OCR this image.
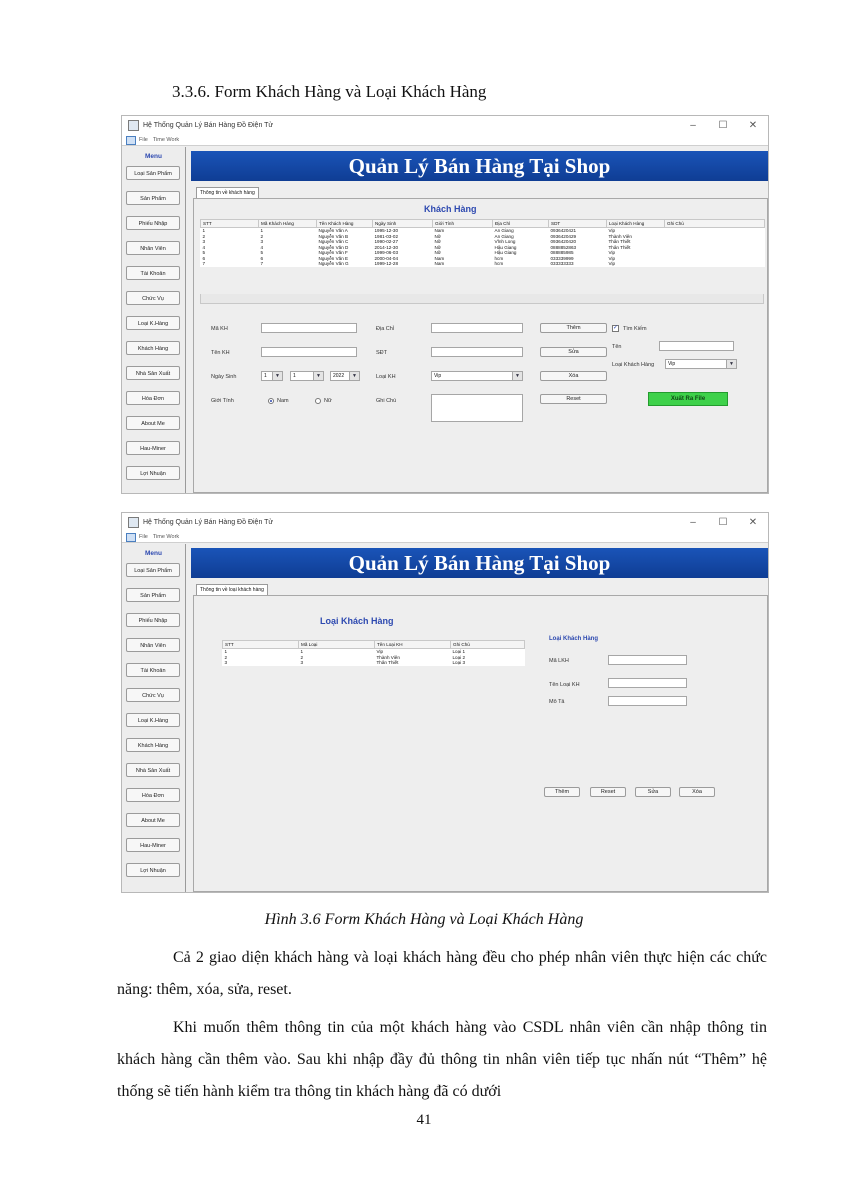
3.3.6. Form Khách Hàng và Loại Khách Hàng
Hệ Thống Quản Lý Bán Hàng Đồ Điện Tử	–	☐	✕
File Time Work
Menu
Loại Sản Phẩm
Sản Phẩm
Phiếu Nhập
Nhân Viên
Tài Khoản
Chức Vụ
Loại K.Hàng
Khách Hàng
Nhà Sản Xuất
Hóa Đơn
About Me
Hau-Miner
Lợi Nhuận
Quản Lý Bán Hàng Tại Shop
Thông tin về khách hàng
Khách Hàng
STT	Mã Khách Hàng	Tên Khách Hàng	Ngày Sinh	Giới Tính	Địa Chỉ	SDT	Loại Khách Hàng	Ghi Chú
1	1	Nguyễn Văn A	1995-12-30	Nam	An Giang	0936420421	Vip	
2	2	Nguyễn Văn B	1981-03-02	Nữ	An Giang	0936420429	Thành Viên	
3	3	Nguyễn Văn C	1990-02-27	Nữ	Vĩnh Long	0936420420	Thân Thiết	
4	4	Nguyễn Văn D	2014-12-30	Nữ	Hậu Giang	0888852863	Thân Thiết	
5	5	Nguyễn Văn F	1999-06-03	Nữ	Hậu Giang	088885985	Vip	
6	6	Nguyễn Văn E	2000-04-04	Nam	hcm	033339999	Vip	
7	7	Nguyễn Văn G	1999-12-28	Nam	hcm	033333333	Vip	
Mã KH
Tên KH
Ngày Sinh	1	▼	1	▼	2022	▼
Giới Tính	Nam	Nữ
Địa Chỉ
SĐT
Loại KH	Vip	▼
Ghi Chú
Thêm
Sửa
Xóa
Reset
✓ Tìm Kiếm
Tên
Loại Khách Hàng	Vip	▼
Xuất Ra File
Hệ Thống Quản Lý Bán Hàng Đồ Điện Tử	–	☐	✕
File Time Work
Menu
Loại Sản Phẩm
Sản Phẩm
Phiếu Nhập
Nhân Viên
Tài Khoản
Chức Vụ
Loại K.Hàng
Khách Hàng
Nhà Sản Xuất
Hóa Đơn
About Me
Hau-Miner
Lợi Nhuận
Quản Lý Bán Hàng Tại Shop
Thông tin về loại khách hàng
Loại Khách Hàng
STT	Mã Loại	Tên Loại KH	Ghi Chú
1	1	Vip	Loại 1
2	2	Thành Viên	Loại 2
3	3	Thân Thiết	Loại 3
Loại Khách Hàng
Mã LKH
Tên Loại KH
Mô Tả
Thêm	Reset	Sửa	Xóa
Hình 3.6 Form Khách Hàng và Loại Khách Hàng
Cả 2 giao diện khách hàng và loại khách hàng đều cho phép nhân viên thực hiện các chức năng: thêm, xóa, sửa, reset.
Khi muốn thêm thông tin của một khách hàng vào CSDL nhân viên cần nhập thông tin khách hàng cần thêm vào. Sau khi nhập đầy đủ thông tin nhân viên tiếp tục nhấn nút “Thêm” hệ thống sẽ tiến hành kiểm tra thông tin khách hàng đã có dưới
41
